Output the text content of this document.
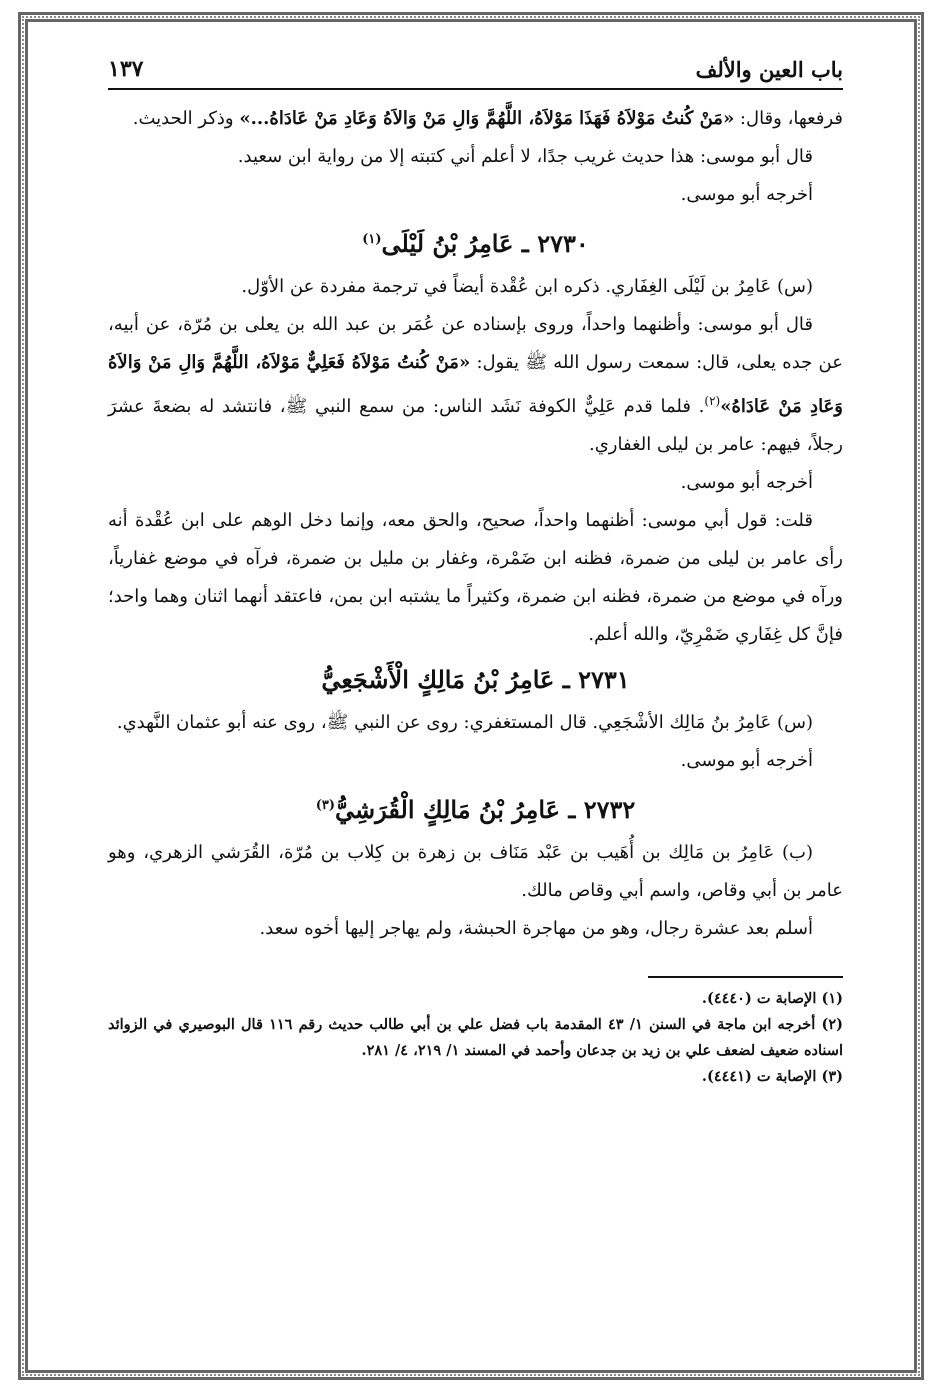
باب العين والألف
١٣٧

فرفعها، وقال: «مَنْ كُنتُ مَوْلاَهُ فَهَذَا مَوْلاَهُ، اللَّهُمَّ وَالِ مَنْ وَالاَهُ وَعَادِ مَنْ عَادَاهُ...» وذكر الحديث.

قال أبو موسى: هذا حديث غريب جدًا، لا أعلم أني كتبته إلا من رواية ابن سعيد.

أخرجه أبو موسى.

٢٧٣٠ ـ عَامِرُ بْنُ لَيْلَى$^{(١)}$

(س) عَامِرُ بن لَيْلَى الغِفَاري. ذكره ابن عُقْدة أيضاً في ترجمة مفردة عن الأوّل.

قال أبو موسى: وأظنهما واحداً، وروى بإسناده عن عُمَر بن عبد الله بن يعلى بن مُرّة، عن أبيه، عن جده يعلى، قال: سمعت رسول الله ﷺ يقول: «مَنْ كُنتُ مَوْلاَهُ فَعَلِيٌّ مَوْلاَهُ، اللَّهُمَّ وَالِ مَنْ وَالاَهُ وَعَادِ مَنْ عَادَاهُ»$^{(٢)}$. فلما قدم عَلِيٌّ الكوفة نَشَد الناس: من سمع النبي ﷺ، فانتشد له بضعةَ عشرَ رجلاً، فيهم: عامر بن ليلى الغفاري.

أخرجه أبو موسى.

قلت: قول أبي موسى: أظنهما واحداً، صحيح، والحق معه، وإنما دخل الوهم على ابن عُقْدة أنه رأى عامر بن ليلى من ضمرة، فظنه ابن ضَمْرة، وغفار بن مليل بن ضمرة، فرآه في موضع غفارياً، ورآه في موضع من ضمرة، فظنه ابن ضمرة، وكثيراً ما يشتبه ابن بمن، فاعتقد أنهما اثنان وهما واحد؛ فإنَّ كل غِفَاري ضَمْرِيّ، والله أعلم.

٢٧٣١ ـ عَامِرُ بْنُ مَالِكٍ الْأَشْجَعِيُّ

(س) عَامِرُ بنُ مَالِك الأشْجَعِي. قال المستغفري: روى عن النبي ﷺ، روى عنه أبو عثمان النَّهدي.

أخرجه أبو موسى.

٢٧٣٢ ـ عَامِرُ بْنُ مَالِكٍ الْقُرَشِيُّ$^{(٣)}$

(ب) عَامِرُ بن مَالِك بن أُهَيب بن عَبْد مَنَاف بن زهرة بن كِلاب بن مُرّة، القُرَشي الزهري، وهو عامر بن أبي وقاص، واسم أبي وقاص مالك.

أسلم بعد عشرة رجال، وهو من مهاجرة الحبشة، ولم يهاجر إليها أخوه سعد.

(١) الإصابة ت (٤٤٤٠).

(٢) أخرجه ابن ماجة في السنن ١/ ٤٣ المقدمة باب فضل علي بن أبي طالب حديث رقم ١١٦ قال البوصيري في الزوائد اسناده ضعيف لضعف علي بن زيد بن جدعان وأحمد في المسند ١/ ٢١٩، ٤/ ٢٨١.

(٣) الإصابة ت (٤٤٤١).
